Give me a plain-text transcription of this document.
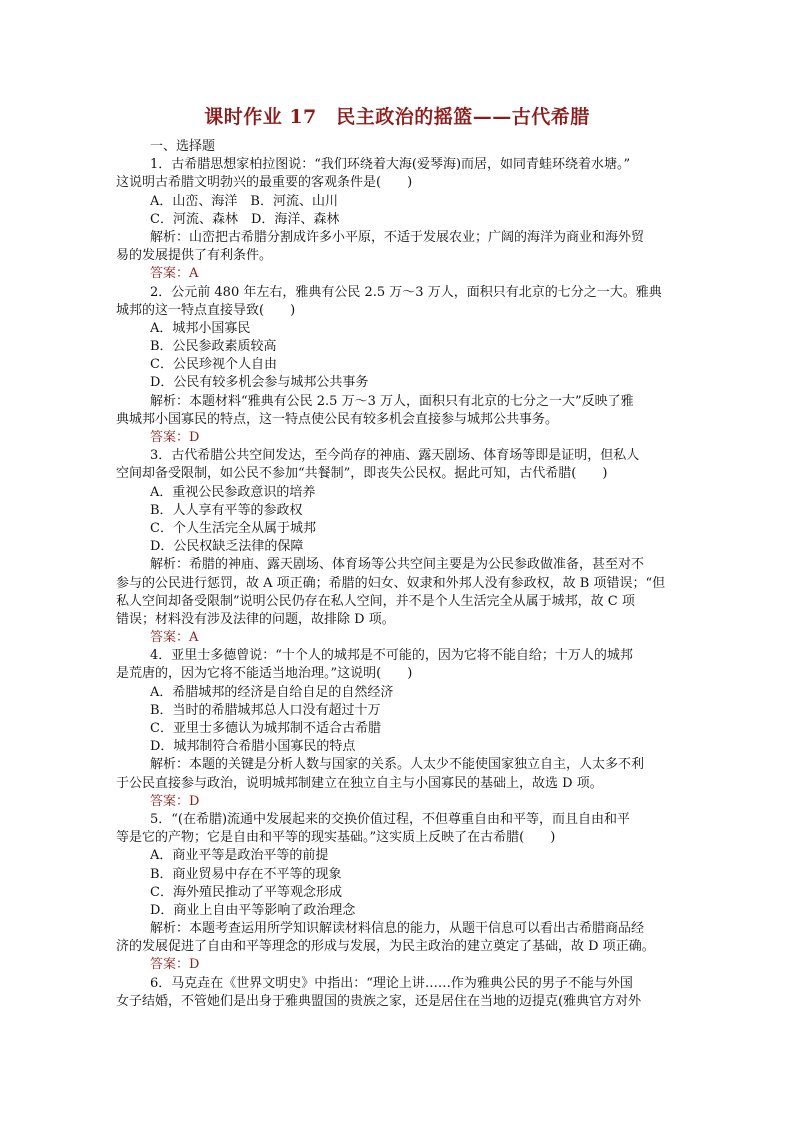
课时作业 17　民主政治的摇篮——古代希腊
一、选择题
1．古希腊思想家柏拉图说：“我们环绕着大海(爱琴海)而居，如同青蛙环绕着水塘。”
这说明古希腊文明勃兴的最重要的客观条件是(　　)
A．山峦、海洋　B．河流、山川
C．河流、森林　D．海洋、森林
解析：山峦把古希腊分割成许多小平原，不适于发展农业；广阔的海洋为商业和海外贸
易的发展提供了有利条件。
答案：A
2．公元前 480 年左右，雅典有公民 2.5 万～3 万人，面积只有北京的七分之一大。雅典
城邦的这一特点直接导致(　　)
A．城邦小国寡民
B．公民参政素质较高
C．公民珍视个人自由
D．公民有较多机会参与城邦公共事务
解析：本题材料“雅典有公民 2.5 万～3 万人，面积只有北京的七分之一大”反映了雅
典城邦小国寡民的特点，这一特点使公民有较多机会直接参与城邦公共事务。
答案：D
3．古代希腊公共空间发达，至今尚存的神庙、露天剧场、体育场等即是证明，但私人
空间却备受限制，如公民不参加“共餐制”，即丧失公民权。据此可知，古代希腊(　　)
A．重视公民参政意识的培养
B．人人享有平等的参政权
C．个人生活完全从属于城邦
D．公民权缺乏法律的保障
解析：希腊的神庙、露天剧场、体育场等公共空间主要是为公民参政做准备，甚至对不
参与的公民进行惩罚，故 A 项正确；希腊的妇女、奴隶和外邦人没有参政权，故 B 项错误；“但
私人空间却备受限制”说明公民仍存在私人空间，并不是个人生活完全从属于城邦，故 C 项
错误；材料没有涉及法律的问题，故排除 D 项。
答案：A
4．亚里士多德曾说：“十个人的城邦是不可能的，因为它将不能自给；十万人的城邦
是荒唐的，因为它将不能适当地治理。”这说明(　　)
A．希腊城邦的经济是自给自足的自然经济
B．当时的希腊城邦总人口没有超过十万
C．亚里士多德认为城邦制不适合古希腊
D．城邦制符合希腊小国寡民的特点
解析：本题的关键是分析人数与国家的关系。人太少不能使国家独立自主，人太多不利
于公民直接参与政治，说明城邦制建立在独立自主与小国寡民的基础上，故选 D 项。
答案：D
5．“(在希腊)流通中发展起来的交换价值过程，不但尊重自由和平等，而且自由和平
等是它的产物；它是自由和平等的现实基础。”这实质上反映了在古希腊(　　)
A．商业平等是政治平等的前提
B．商业贸易中存在不平等的现象
C．海外殖民推动了平等观念形成
D．商业上自由平等影响了政治理念
解析：本题考查运用所学知识解读材料信息的能力，从题干信息可以看出古希腊商品经
济的发展促进了自由和平等理念的形成与发展，为民主政治的建立奠定了基础，故 D 项正确。
答案：D
6．马克垚在《世界文明史》中指出：“理论上讲……作为雅典公民的男子不能与外国
女子结婚，不管她们是出身于雅典盟国的贵族之家，还是居住在当地的迈提克(雅典官方对外
